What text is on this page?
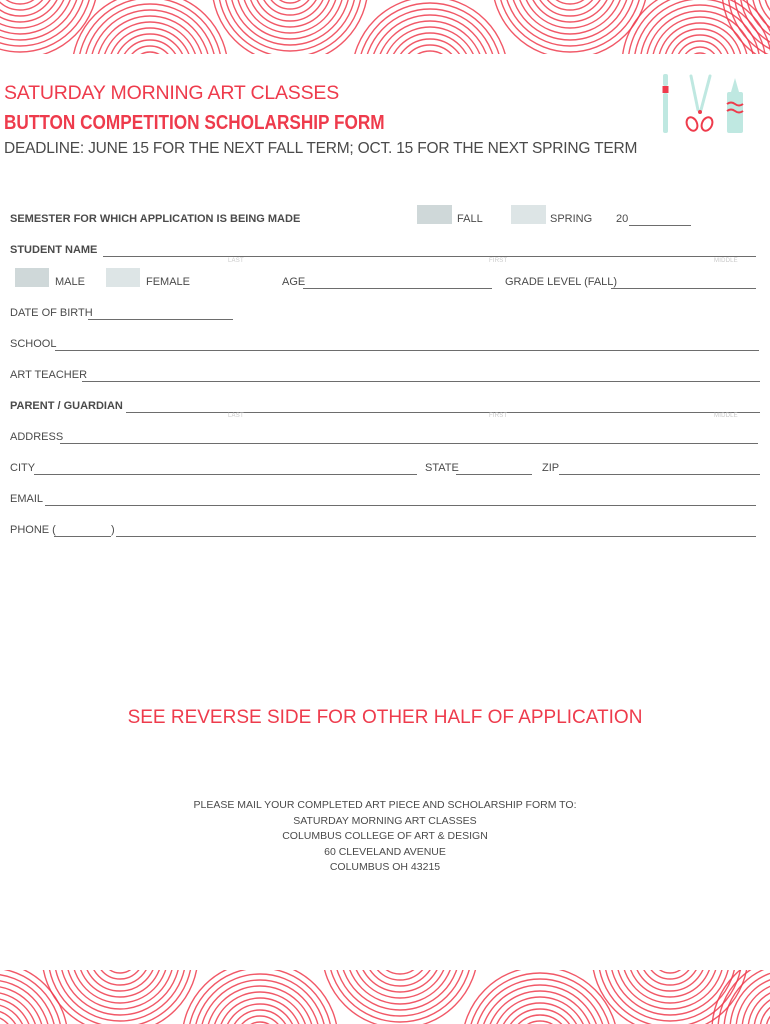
SATURDAY MORNING ART CLASSES
BUTTON COMPETITION SCHOLARSHIP FORM
DEADLINE: JUNE 15 FOR THE NEXT FALL TERM; OCT. 15 FOR THE NEXT SPRING TERM
SEMESTER FOR WHICH APPLICATION IS BEING MADE	FALL	SPRING 20
STUDENT NAME
LAST	FIRST	MIDDLE
MALE	FEMALE	AGE	GRADE LEVEL (FALL)
DATE OF BIRTH
SCHOOL
ART TEACHER
PARENT / GUARDIAN
LAST	FIRST	MIDDLE
ADDRESS
CITY	STATE	ZIP
EMAIL
PHONE (	)
SEE REVERSE SIDE FOR OTHER HALF OF APPLICATION
PLEASE MAIL YOUR COMPLETED ART PIECE AND SCHOLARSHIP FORM TO:
SATURDAY MORNING ART CLASSES
COLUMBUS COLLEGE OF ART & DESIGN
60 CLEVELAND AVENUE
COLUMBUS OH 43215
